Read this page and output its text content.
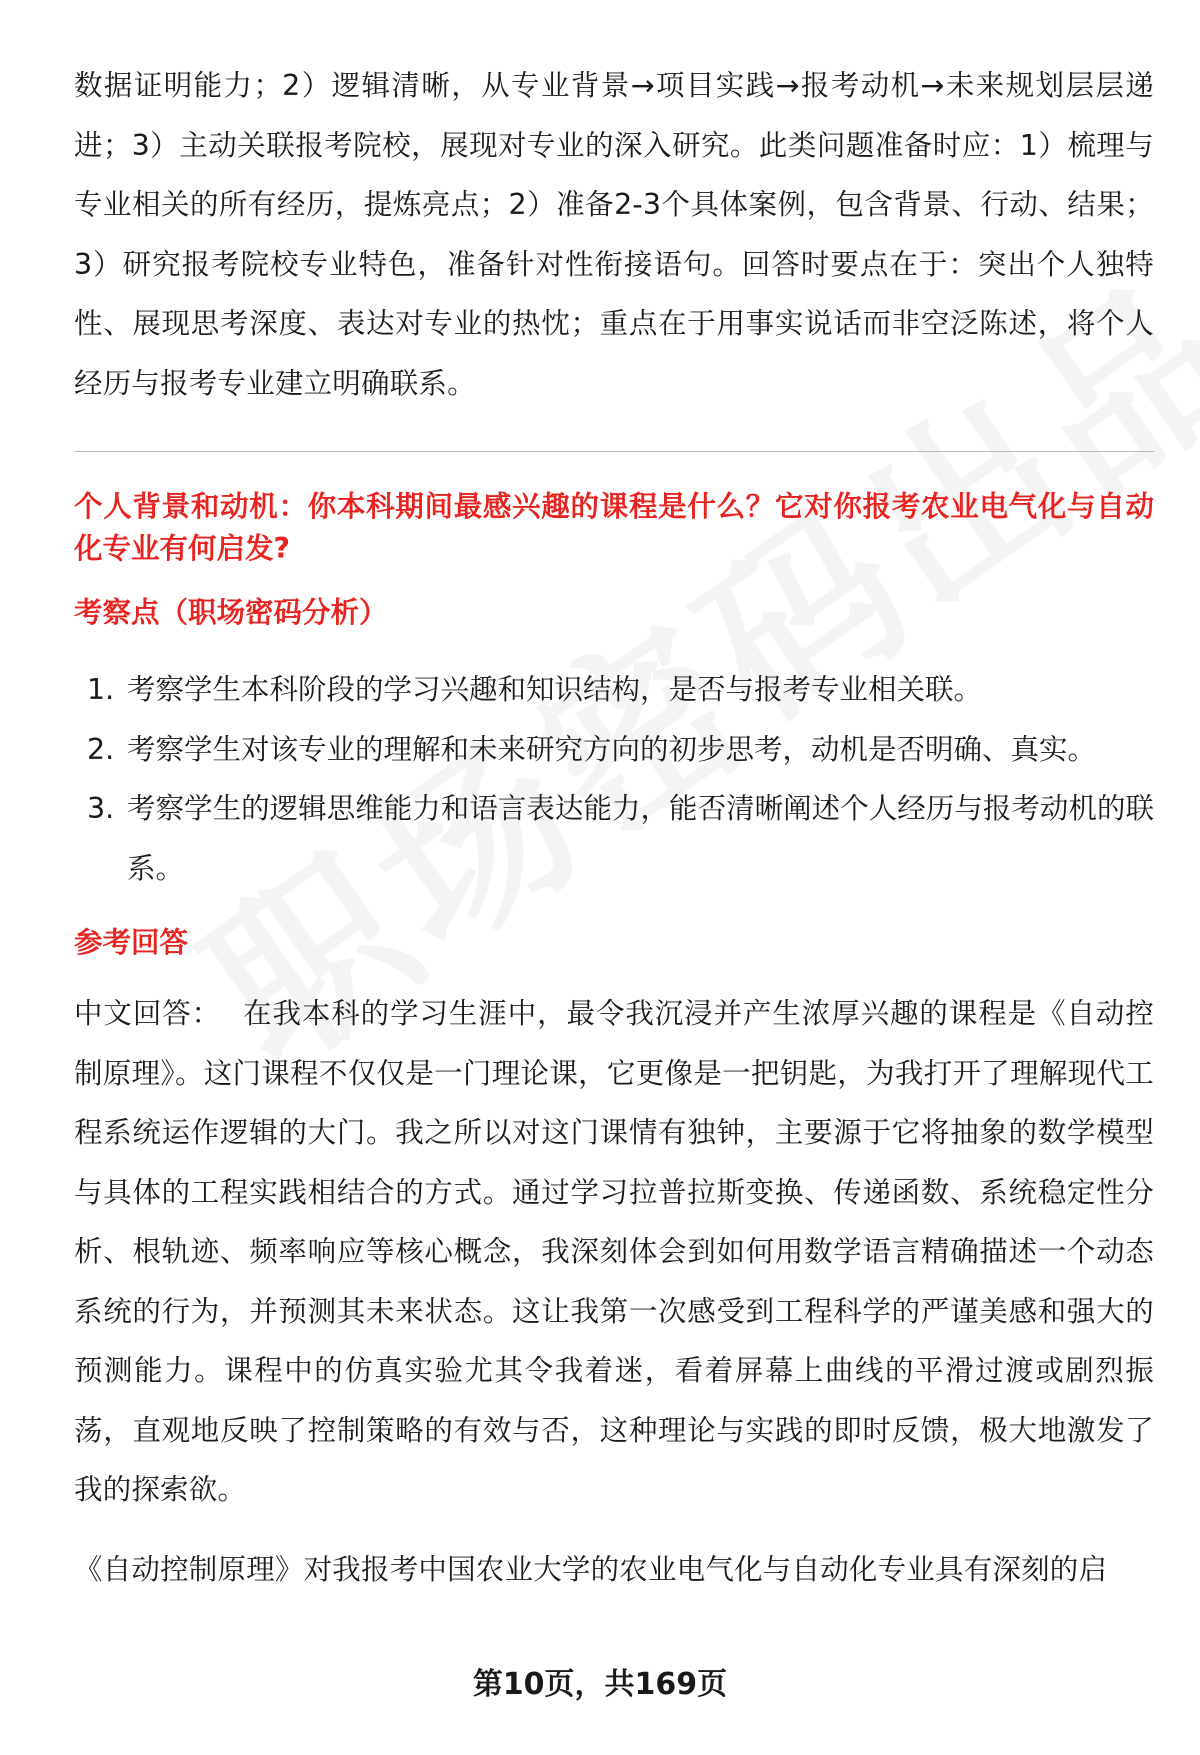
数据证明能力；2）逻辑清晰，从专业背景→项目实践→报考动机→未来规划层层递进；3）主动关联报考院校，展现对专业的深入研究。此类问题准备时应：1）梳理与专业相关的所有经历，提炼亮点；2）准备2-3个具体案例，包含背景、行动、结果；3）研究报考院校专业特色，准备针对性衔接语句。回答时要点在于：突出个人独特性、展现思考深度、表达对专业的热忱；重点在于用事实说话而非空泛陈述，将个人经历与报考专业建立明确联系。

个人背景和动机：你本科期间最感兴趣的课程是什么？它对你报考农业电气化与自动化专业有何启发?
考察点（职场密码分析）
1. 考察学生本科阶段的学习兴趣和知识结构，是否与报考专业相关联。
2. 考察学生对该专业的理解和未来研究方向的初步思考，动机是否明确、真实。
3. 考察学生的逻辑思维能力和语言表达能力，能否清晰阐述个人经历与报考动机的联系。
参考回答

中文回答： 在我本科的学习生涯中，最令我沉浸并产生浓厚兴趣的课程是《自动控制原理》。这门课程不仅仅是一门理论课，它更像是一把钥匙，为我打开了理解现代工程系统运作逻辑的大门。我之所以对这门课情有独钟，主要源于它将抽象的数学模型与具体的工程实践相结合的方式。通过学习拉普拉斯变换、传递函数、系统稳定性分析、根轨迹、频率响应等核心概念，我深刻体会到如何用数学语言精确描述一个动态系统的行为，并预测其未来状态。这让我第一次感受到工程科学的严谨美感和强大的预测能力。课程中的仿真实验尤其令我着迷，看着屏幕上曲线的平滑过渡或剧烈振荡，直观地反映了控制策略的有效与否，这种理论与实践的即时反馈，极大地激发了我的探索欲。

《自动控制原理》对我报考中国农业大学的农业电气化与自动化专业具有深刻的启

第10页，共169页
